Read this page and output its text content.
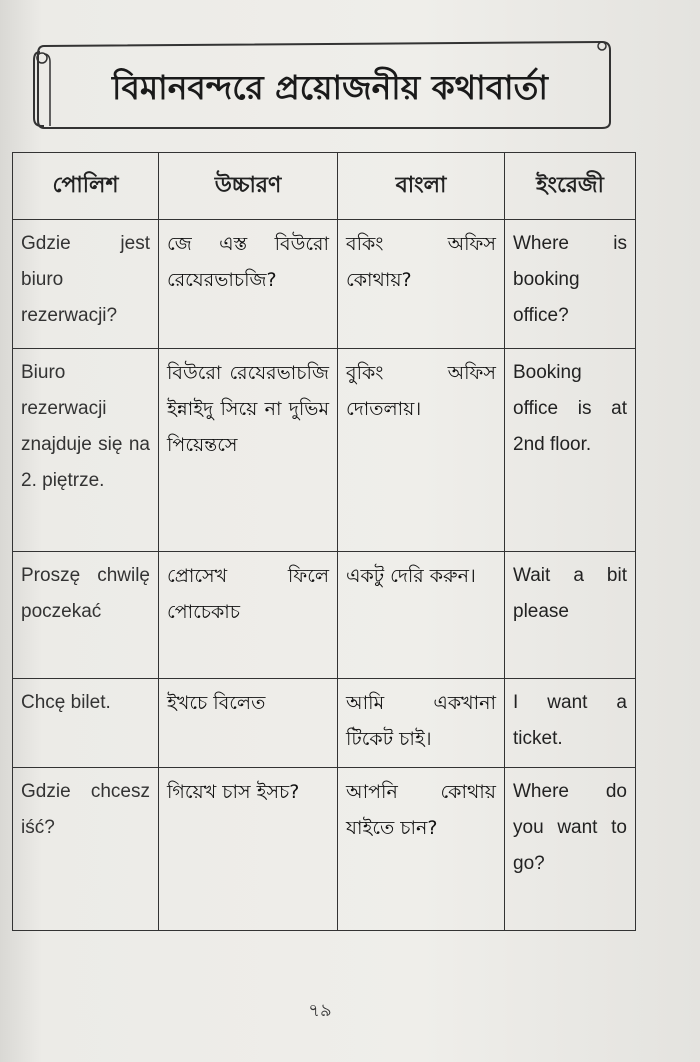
বিমানবন্দরে প্রয়োজনীয় কথাবার্তা
পোলিশ	উচ্চারণ	বাংলা	ইংরেজী
Gdzie jest biuro rezerwacji?	জে এস্ত বিউরো রেযেরভাচজি?	বকিং অফিস কোথায়?	Where is booking office?
Biuro rezerwacji znajduje się na 2. piętrze.	বিউরো রেযেরভাচজি ইন্নাইদু সিয়ে না দুভিম পিয়েন্তসে	বুকিং অফিস দোতলায়।	Booking office is at 2nd floor.
Proszę chwilę poczekać	প্রোসেখ ফিলে পোচেকাচ	একটু দেরি করুন।	Wait a bit please
Chcę bilet.	ইখচে বিলেত	আমি একখানা টিকেট চাই।	I want a ticket.
Gdzie chcesz iść?	গিয়েখ চাস ইসচ?	আপনি কোথায় যাইতে চান?	Where do you want to go?
৭৯
